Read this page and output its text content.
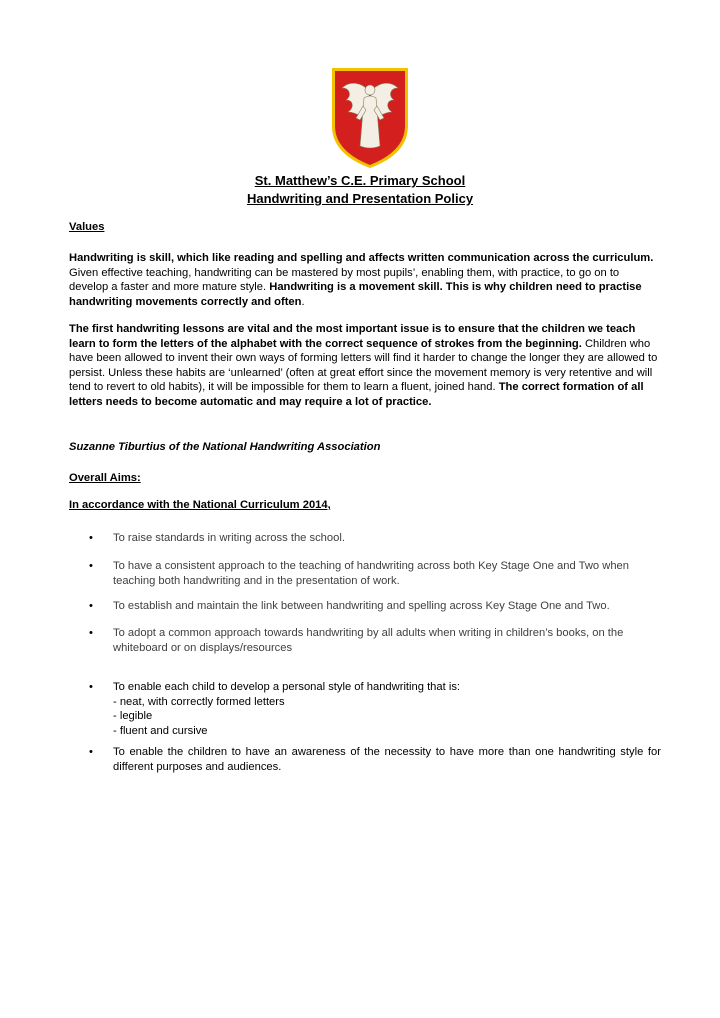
St. Matthew’s C.E. Primary School
Handwriting and Presentation Policy
Values

Handwriting is skill, which like reading and spelling and affects written communication across the curriculum. Given effective teaching, handwriting can be mastered by most pupils’, enabling them, with practice, to go on to develop a faster and more mature style. Handwriting is a movement skill. This is why children need to practise handwriting movements correctly and often.

The first handwriting lessons are vital and the most important issue is to ensure that the children we teach learn to form the letters of the alphabet with the correct sequence of strokes from the beginning. Children who have been allowed to invent their own ways of forming letters will find it harder to change the longer they are allowed to persist. Unless these habits are ‘unlearned’ (often at great effort since the movement memory is very retentive and will tend to revert to old habits), it will be impossible for them to learn a fluent, joined hand. The correct formation of all letters needs to become automatic and may require a lot of practice.

Suzanne Tiburtius of the National Handwriting Association
Overall Aims:
In accordance with the National Curriculum 2014,
• To raise standards in writing across the school.
• To have a consistent approach to the teaching of handwriting across both Key Stage One and Two when teaching both handwriting and in the presentation of work.
• To establish and maintain the link between handwriting and spelling across Key Stage One and Two.
• To adopt a common approach towards handwriting by all adults when writing in children’s books, on the whiteboard or on displays/resources
• To enable each child to develop a personal style of handwriting that is:
- neat, with correctly formed letters
- legible
- fluent and cursive
• To enable the children to have an awareness of the necessity to have more than one handwriting style for different purposes and audiences.
